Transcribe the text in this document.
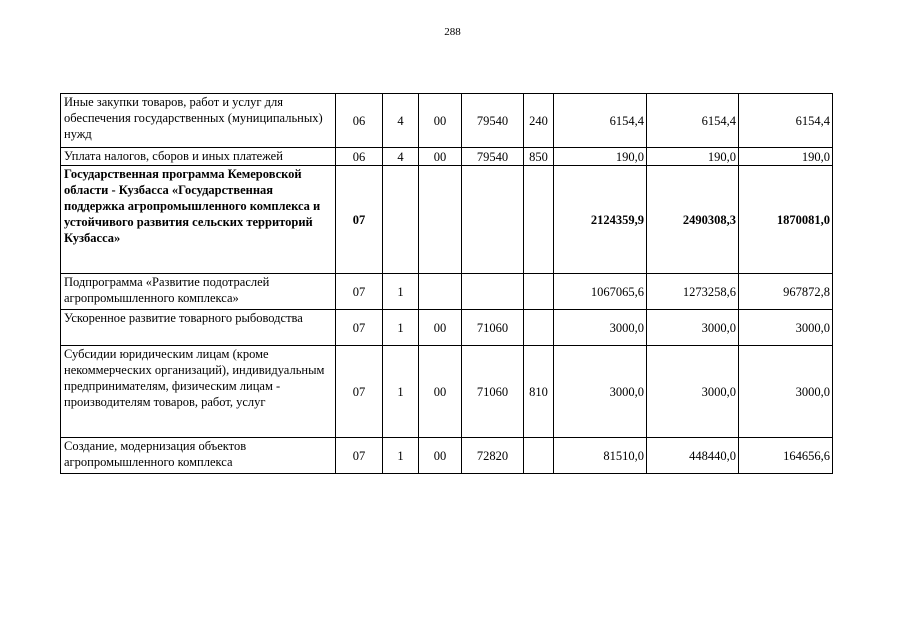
288
Иные закупки товаров, работ и услуг для обеспечения государственных (муниципальных) нужд	06	4	00	79540	240	6154,4	6154,4	6154,4
Уплата налогов, сборов и иных платежей	06	4	00	79540	850	190,0	190,0	190,0
Государственная программа Кемеровской области - Кузбасса «Государственная поддержка агропромышленного комплекса и устойчивого развития сельских территорий Кузбасса»	07					2124359,9	2490308,3	1870081,0
Подпрограмма «Развитие подотраслей агропромышленного комплекса»	07	1				1067065,6	1273258,6	967872,8
Ускоренное развитие товарного рыбоводства	07	1	00	71060		3000,0	3000,0	3000,0
Субсидии юридическим лицам (кроме некоммерческих организаций), индивидуальным предпринимателям, физическим лицам - производителям товаров, работ, услуг	07	1	00	71060	810	3000,0	3000,0	3000,0
Создание, модернизация объектов агропромышленного комплекса	07	1	00	72820		81510,0	448440,0	164656,6
